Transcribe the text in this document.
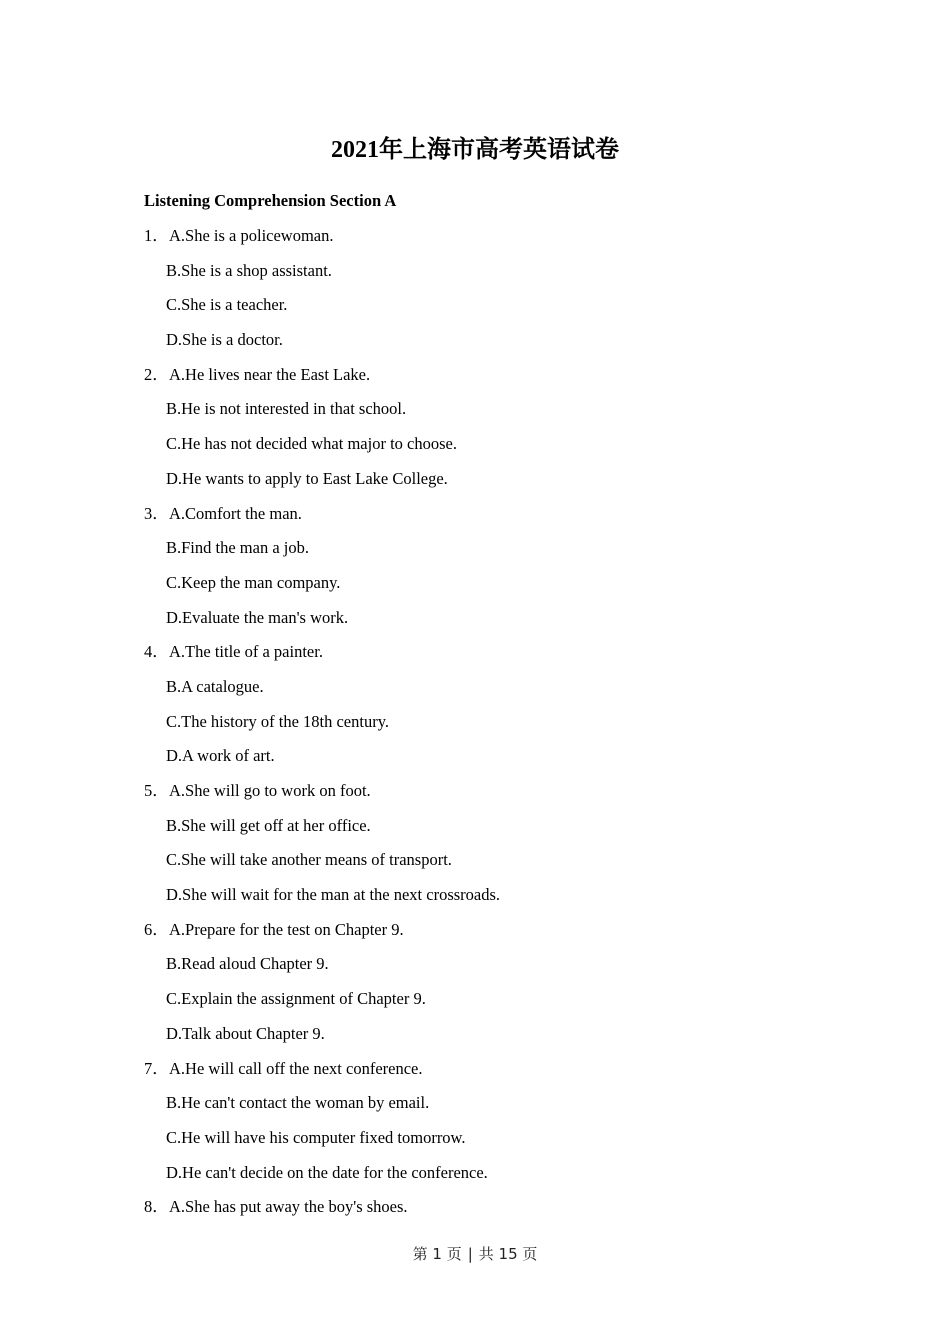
2021年上海市高考英语试卷
Listening Comprehension Section A
1．A.She is a policewoman.
B.She is a shop assistant.
C.She is a teacher.
D.She is a doctor.
2．A.He lives near the East Lake.
B.He is not interested in that school.
C.He has not decided what major to choose.
D.He wants to apply to East Lake College.
3．A.Comfort the man.
B.Find the man a job.
C.Keep the man company.
D.Evaluate the man's work.
4．A.The title of a painter.
B.A catalogue.
C.The history of the 18th century.
D.A work of art.
5．A.She will go to work on foot.
B.She will get off at her office.
C.She will take another means of transport.
D.She will wait for the man at the next crossroads.
6．A.Prepare for the test on Chapter 9.
B.Read aloud Chapter 9.
C.Explain the assignment of Chapter 9.
D.Talk about Chapter 9.
7．A.He will call off the next conference.
B.He can't contact the woman by email.
C.He will have his computer fixed tomorrow.
D.He can't decide on the date for the conference.
8．A.She has put away the boy's shoes.
第 1 页 | 共 15 页
